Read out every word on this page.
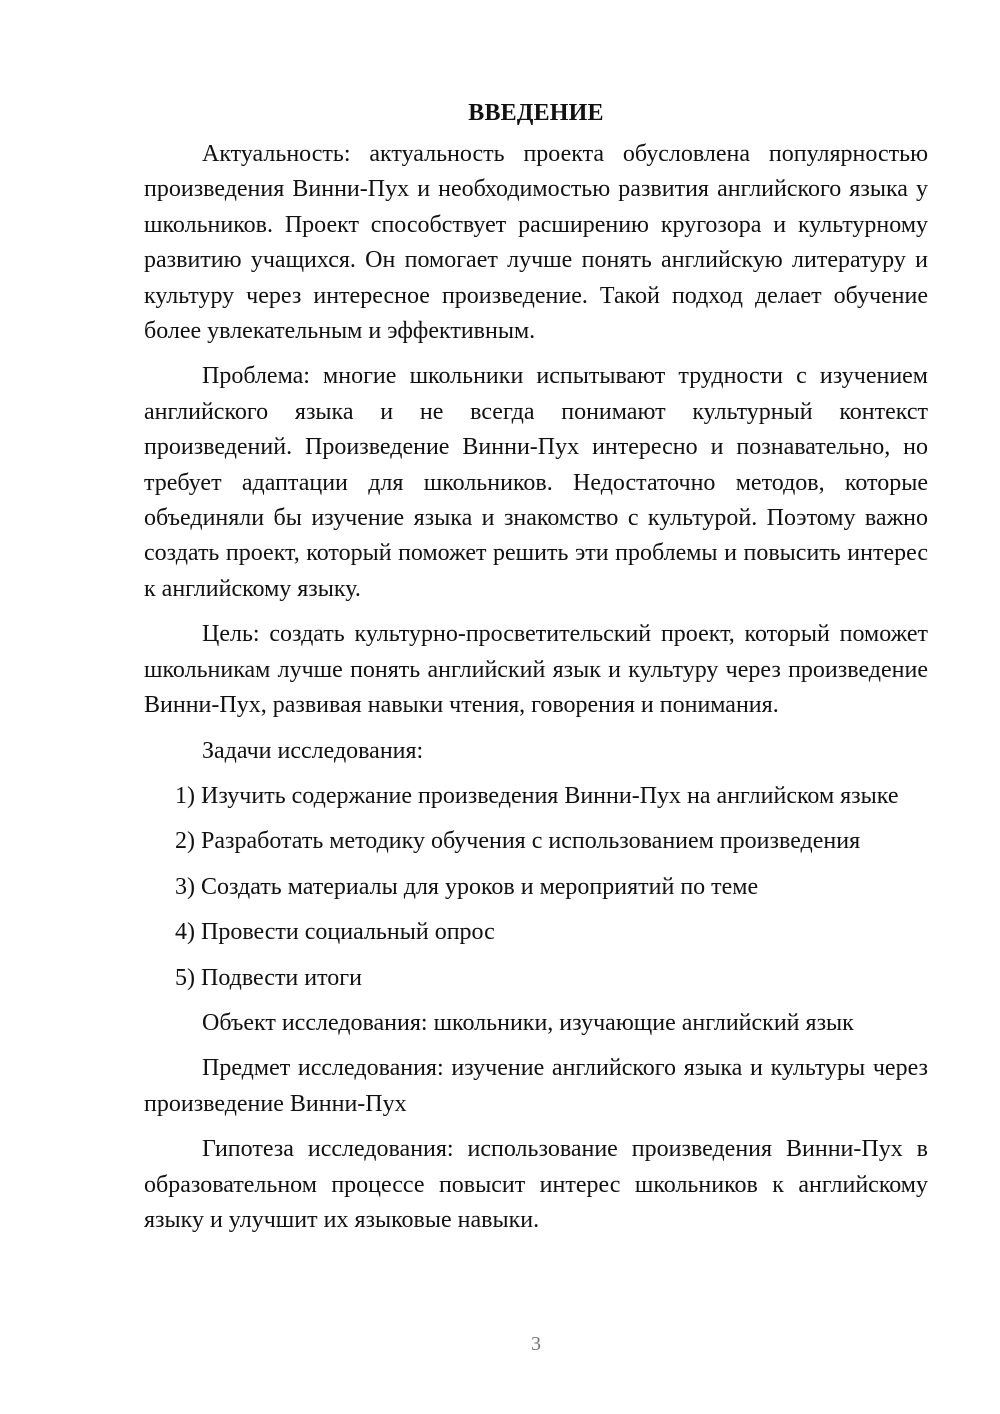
ВВЕДЕНИЕ

Актуальность: актуальность проекта обусловлена популярностью произведения Винни-Пух и необходимостью развития английского языка у школьников. Проект способствует расширению кругозора и культурному развитию учащихся. Он помогает лучше понять английскую литературу и культуру через интересное произведение. Такой подход делает обучение более увлекательным и эффективным.

Проблема: многие школьники испытывают трудности с изучением английского языка и не всегда понимают культурный контекст произведений. Произведение Винни-Пух интересно и познавательно, но требует адаптации для школьников. Недостаточно методов, которые объединяли бы изучение языка и знакомство с культурой. Поэтому важно создать проект, который поможет решить эти проблемы и повысить интерес к английскому языку.

Цель: создать культурно-просветительский проект, который поможет школьникам лучше понять английский язык и культуру через произведение Винни-Пух, развивая навыки чтения, говорения и понимания.

Задачи исследования:
1) Изучить содержание произведения Винни-Пух на английском языке
2) Разработать методику обучения с использованием произведения
3) Создать материалы для уроков и мероприятий по теме
4) Провести социальный опрос
5) Подвести итоги

Объект исследования: школьники, изучающие английский язык

Предмет исследования: изучение английского языка и культуры через произведение Винни-Пух

Гипотеза исследования: использование произведения Винни-Пух в образовательном процессе повысит интерес школьников к английскому языку и улучшит их языковые навыки.

3
